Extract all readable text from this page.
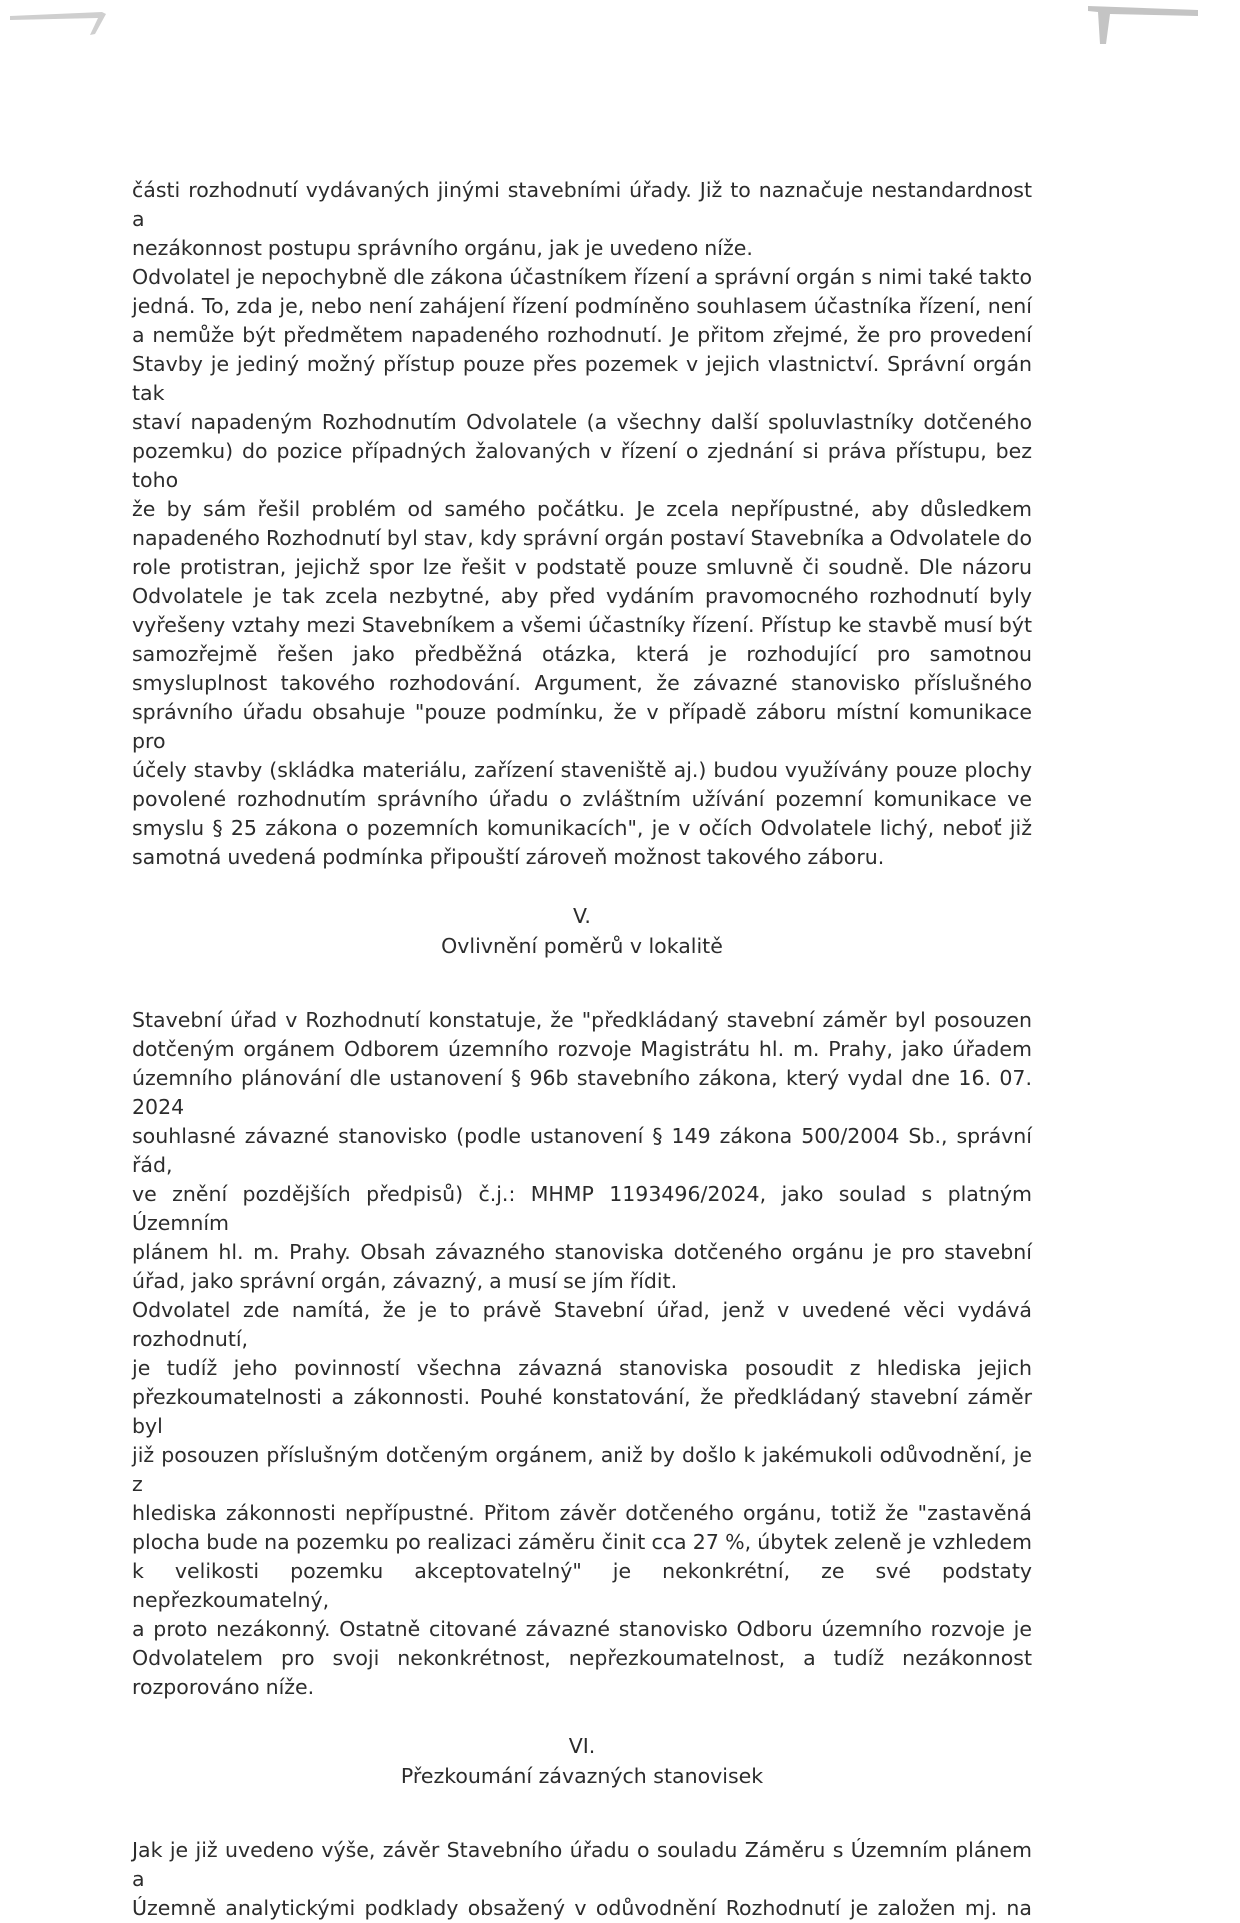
části rozhodnutí vydávaných jinými stavebními úřady. Již to naznačuje nestandardnost a
nezákonnost postupu správního orgánu, jak je uvedeno níže.

Odvolatel je nepochybně dle zákona účastníkem řízení a správní orgán s nimi také takto
jedná. To, zda je, nebo není zahájení řízení podmíněno souhlasem účastníka řízení, není
a nemůže být předmětem napadeného rozhodnutí. Je přitom zřejmé, že pro provedení
Stavby je jediný možný přístup pouze přes pozemek v jejich vlastnictví. Správní orgán tak
staví napadeným Rozhodnutím Odvolatele (a všechny další spoluvlastníky dotčeného
pozemku) do pozice případných žalovaných v řízení o zjednání si práva přístupu, bez toho
že by sám řešil problém od samého počátku. Je zcela nepřípustné, aby důsledkem
napadeného Rozhodnutí byl stav, kdy správní orgán postaví Stavebníka a Odvolatele do
role protistran, jejichž spor lze řešit v podstatě pouze smluvně či soudně. Dle názoru
Odvolatele je tak zcela nezbytné, aby před vydáním pravomocného rozhodnutí byly
vyřešeny vztahy mezi Stavebníkem a všemi účastníky řízení. Přístup ke stavbě musí být
samozřejmě řešen jako předběžná otázka, která je rozhodující pro samotnou
smysluplnost takového rozhodování. Argument, že závazné stanovisko příslušného
správního úřadu obsahuje "pouze podmínku, že v případě záboru místní komunikace pro
účely stavby (skládka materiálu, zařízení staveniště aj.) budou využívány pouze plochy
povolené rozhodnutím správního úřadu o zvláštním užívání pozemní komunikace ve
smyslu § 25 zákona o pozemních komunikacích", je v očích Odvolatele lichý, neboť již
samotná uvedená podmínka připouští zároveň možnost takového záboru.

V.

Ovlivnění poměrů v lokalitě

Stavební úřad v Rozhodnutí konstatuje, že "předkládaný stavební záměr byl posouzen
dotčeným orgánem Odborem územního rozvoje Magistrátu hl. m. Prahy, jako úřadem
územního plánování dle ustanovení § 96b stavebního zákona, který vydal dne 16. 07. 2024
souhlasné závazné stanovisko (podle ustanovení § 149 zákona 500/2004 Sb., správní řád,
ve znění pozdějších předpisů) č.j.: MHMP 1193496/2024, jako soulad s platným Územním
plánem hl. m. Prahy. Obsah závazného stanoviska dotčeného orgánu je pro stavební
úřad, jako správní orgán, závazný, a musí se jím řídit.

Odvolatel zde namítá, že je to právě Stavební úřad, jenž v uvedené věci vydává rozhodnutí,
je tudíž jeho povinností všechna závazná stanoviska posoudit z hlediska jejich
přezkoumatelnosti a zákonnosti. Pouhé konstatování, že předkládaný stavební záměr byl
již posouzen příslušným dotčeným orgánem, aniž by došlo k jakémukoli odůvodnění, je z
hlediska zákonnosti nepřípustné. Přitom závěr dotčeného orgánu, totiž že "zastavěná
plocha bude na pozemku po realizaci záměru činit cca 27 %, úbytek zeleně je vzhledem
k velikosti pozemku akceptovatelný" je nekonkrétní, ze své podstaty nepřezkoumatelný,
a proto nezákonný. Ostatně citované závazné stanovisko Odboru územního rozvoje je
Odvolatelem pro svoji nekonkrétnost, nepřezkoumatelnost, a tudíž nezákonnost
rozporováno níže.

VI.

Přezkoumání závazných stanovisek

Jak je již uvedeno výše, závěr Stavebního úřadu o souladu Záměru s Územním plánem a
Územně analytickými podklady obsažený v odůvodnění Rozhodnutí je založen mj. na
